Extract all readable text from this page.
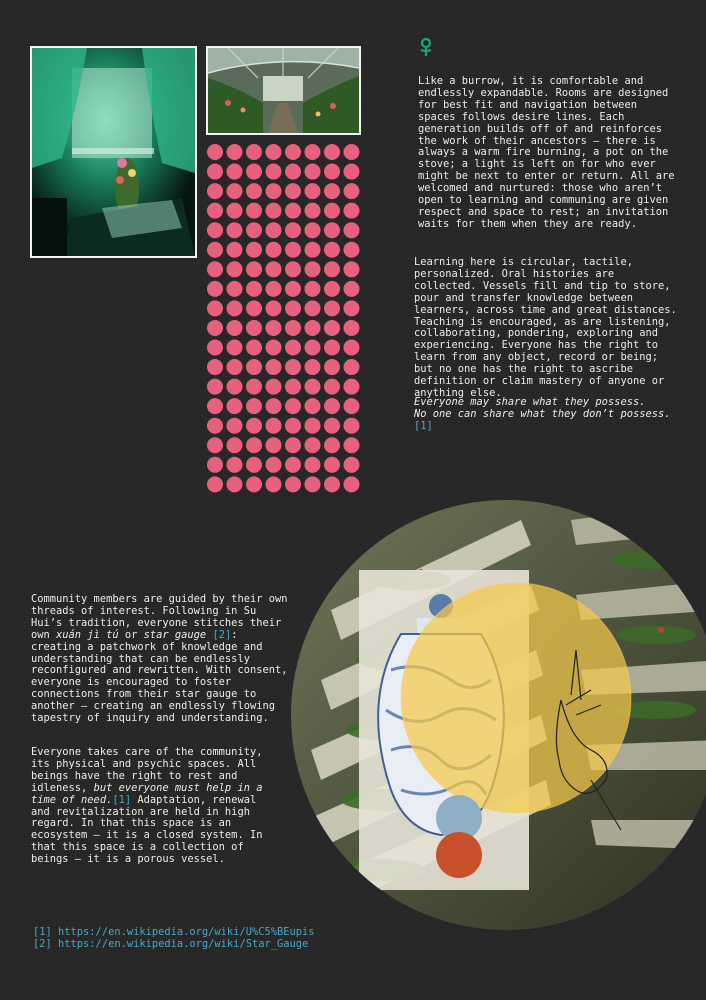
Like a burrow, it is comfortable and endlessly expandable. Rooms are designed for best fit and navigation between spaces follows desire lines. Each generation builds off of and reinforces the work of their ancestors — there is always a warm fire burning, a pot on the stove; a light is left on for who ever might be next to enter or return. All are welcomed and nurtured: those who aren’t open to learning and communing are given respect and space to rest; an invitation waits for them when they are ready.
Learning here is circular, tactile, personalized. Oral histories are collected. Vessels fill and tip to store, pour and transfer knowledge between learners, across time and great distances. Teaching is encouraged, as are listening, collaborating, pondering, exploring and experiencing. Everyone has the right to learn from any object, record or being; but no one has the right to ascribe definition or claim mastery of anyone or anything else.
Everyone may share what they possess.
No one can share what they don’t possess.[1]
Community members are guided by their own threads of interest. Following in Su Hui’s tradition, everyone stitches their own xuán jì tú or star gauge [2]: creating a patchwork of knowledge and understanding that can be endlessly reconfigured and rewritten. With consent, everyone is encouraged to foster connections from their star gauge to another — creating an endlessly flowing tapestry of inquiry and understanding.
Everyone takes care of the community, its physical and psychic spaces. All beings have the right to rest and idleness, but everyone must help in a time of need.[1] Adaptation, renewal and revitalization are held in high regard. In that this space is an ecosystem — it is a closed system. In that this space is a collection of beings — it is a porous vessel.
[1] https://en.wikipedia.org/wiki/U%C5%BEupis
[2] https://en.wikipedia.org/wiki/Star_Gauge
